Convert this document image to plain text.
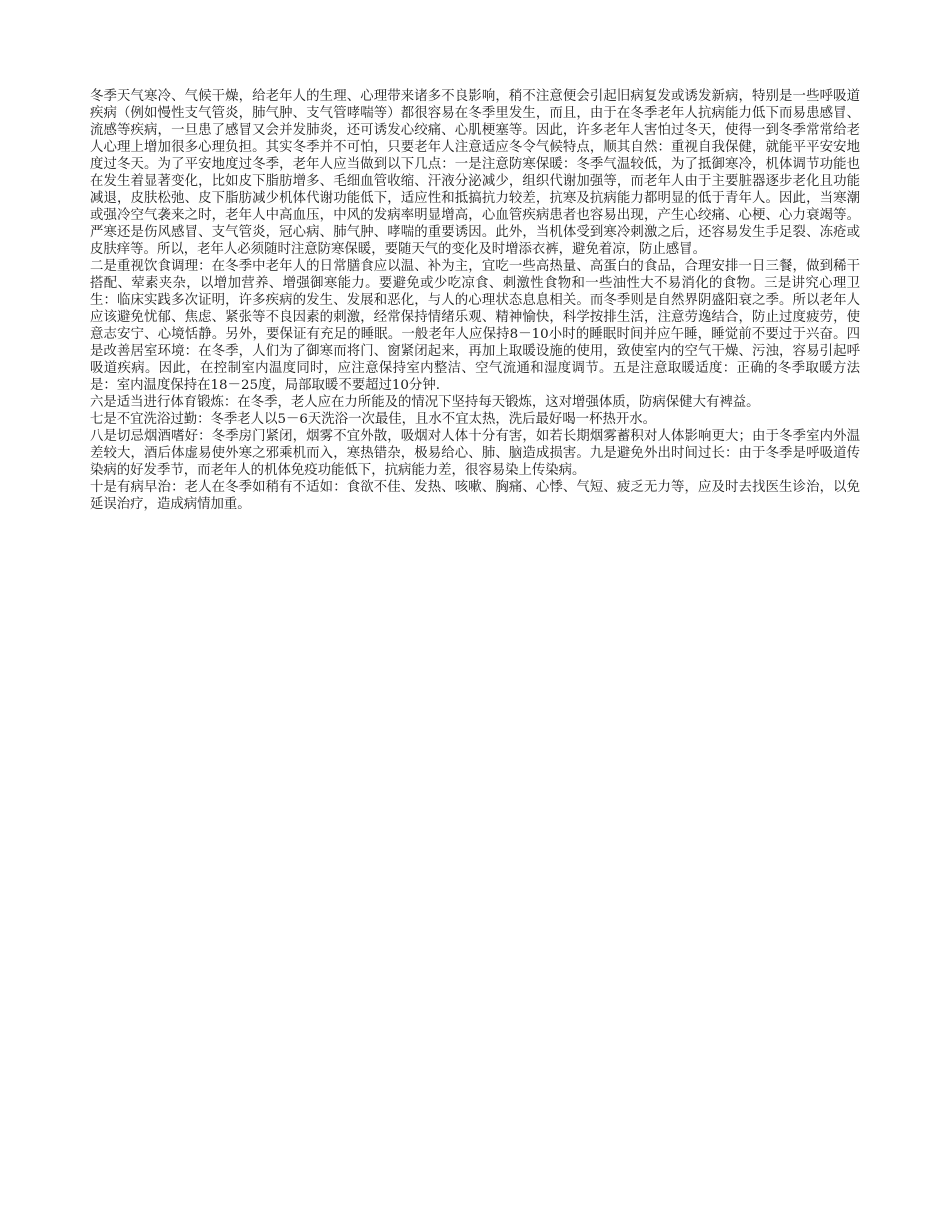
冬季天气寒冷、气候干燥，给老年人的生理、心理带来诸多不良影响，稍不注意便会引起旧病复发或诱发新病，特别是一些呼吸道疾病（例如慢性支气管炎，肺气肿、支气管哮喘等）都很容易在冬季里发生，而且，由于在冬季老年人抗病能力低下而易患感冒、流感等疾病，一旦患了感冒又会并发肺炎，还可诱发心绞痛、心肌梗塞等。因此，许多老年人害怕过冬天，使得一到冬季常常给老人心理上增加很多心理负担。其实冬季并不可怕，只要老年人注意适应冬令气候特点，顺其自然：重视自我保健，就能平平安安地度过冬天。为了平安地度过冬季，老年人应当做到以下几点：一是注意防寒保暖：冬季气温较低，为了抵御寒冷，机体调节功能也在发生着显著变化，比如皮下脂肪增多、毛细血管收缩、汗液分泌减少，组织代谢加强等，而老年人由于主要脏器逐步老化且功能减退，皮肤松弛、皮下脂肪减少机体代谢功能低下，适应性和抵搞抗力较差，抗寒及抗病能力都明显的低于青年人。因此，当寒潮或强冷空气袭来之时，老年人中高血压，中风的发病率明显增高，心血管疾病患者也容易出现，产生心绞痛、心梗、心力衰竭等。严寒还是伤风感冒、支气管炎，冠心病、肺气肿、哮喘的重要诱因。此外，当机体受到寒冷刺激之后，还容易发生手足裂、冻疮或皮肤痒等。所以，老年人必须随时注意防寒保暖，要随天气的变化及时增添衣裤，避免着凉，防止感冒。

二是重视饮食调理：在冬季中老年人的日常膳食应以温、补为主，宜吃一些高热量、高蛋白的食品，合理安排一日三餐，做到稀干搭配、荤素夹杂，以增加营养、增强御寒能力。要避免或少吃凉食、刺激性食物和一些油性大不易消化的食物。三是讲究心理卫生：临床实践多次证明，许多疾病的发生、发展和恶化，与人的心理状态息息相关。而冬季则是自然界阴盛阳衰之季。所以老年人应该避免忧郁、焦虑、紧张等不良因素的刺激，经常保持情绪乐观、精神愉快，科学按排生活，注意劳逸结合，防止过度疲劳，使意志安宁、心境恬静。另外，要保证有充足的睡眠。一般老年人应保持8－10小时的睡眠时间并应午睡，睡觉前不要过于兴奋。四是改善居室环境：在冬季，人们为了御寒而将门、窗紧闭起来，再加上取暖设施的使用，致使室内的空气干燥、污浊，容易引起呼吸道疾病。因此，在控制室内温度同时，应注意保持室内整洁、空气流通和湿度调节。五是注意取暖适度：正确的冬季取暖方法是：室内温度保持在18－25度，局部取暖不要超过10分钟.

六是适当进行体育锻炼：在冬季，老人应在力所能及的情况下坚持每天锻炼，这对增强体质，防病保健大有裨益。

七是不宜洗浴过勤：冬季老人以5－6天洗浴一次最佳，且水不宜太热，洗后最好喝一杯热开水。

八是切忌烟酒嗜好：冬季房门紧闭，烟雾不宜外散，吸烟对人体十分有害，如若长期烟雾蓄积对人体影响更大；由于冬季室内外温差较大，酒后体虚易使外寒之邪乘机而入，寒热错杂，极易给心、肺、脑造成损害。九是避免外出时间过长：由于冬季是呼吸道传染病的好发季节，而老年人的机体免疫功能低下，抗病能力差，很容易染上传染病。

十是有病早治：老人在冬季如稍有不适如：食欲不佳、发热、咳嗽、胸痛、心悸、气短、疲乏无力等，应及时去找医生诊治，以免延误治疗，造成病情加重。
